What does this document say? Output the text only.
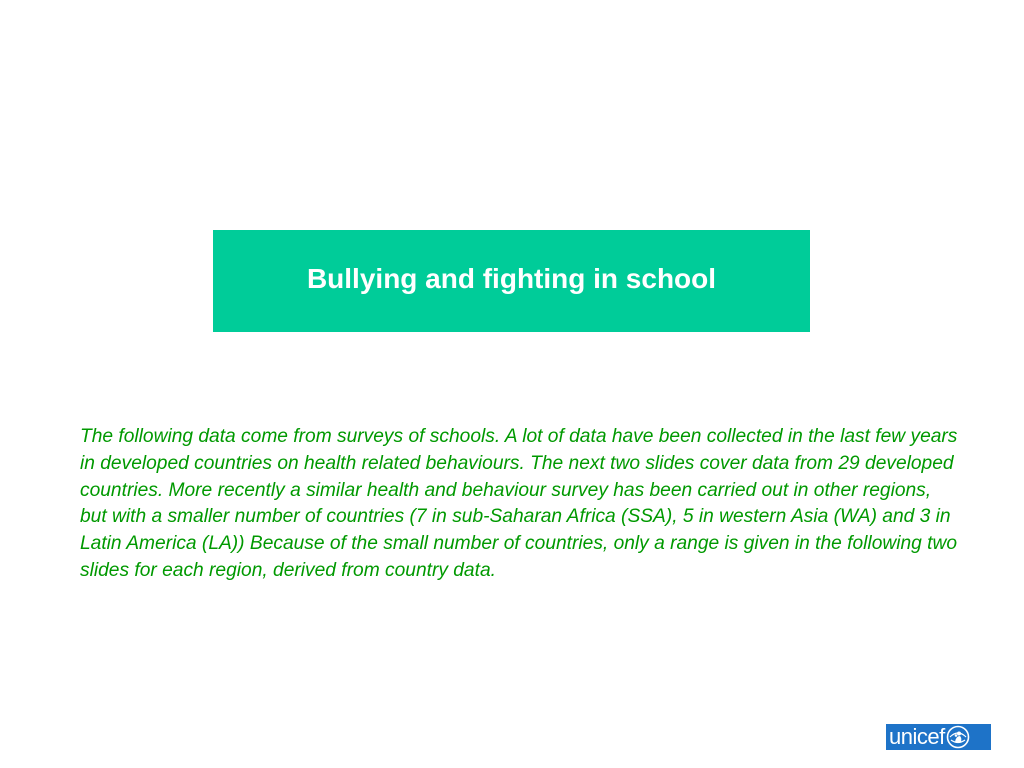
Bullying and fighting in school

The following data come from surveys of schools. A lot of data have been collected in the last few years in developed countries on health related behaviours. The next two slides cover data from 29 developed countries. More recently a similar health and behaviour survey has been carried out in other regions, but with a smaller number of countries (7 in sub-Saharan Africa (SSA), 5 in western Asia (WA) and 3 in Latin America (LA)) Because of the small number of countries, only a range is given in the following two slides for each region, derived from country data.

unicef
